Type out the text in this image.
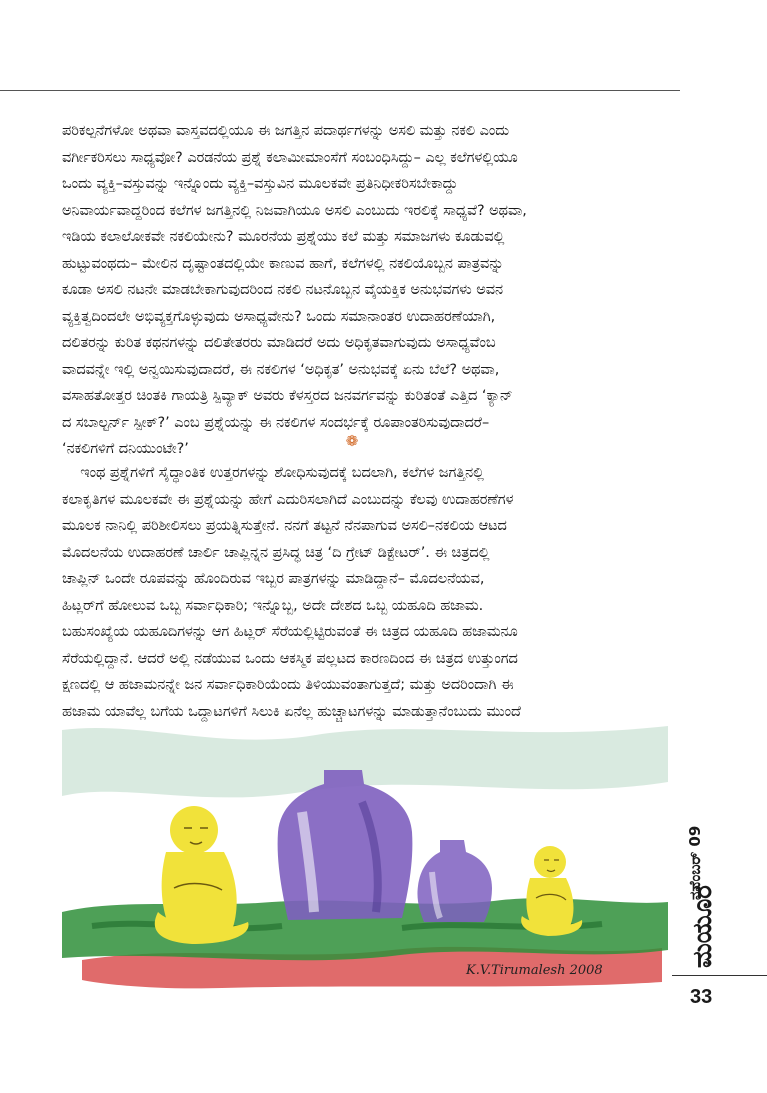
ಪರಿಕಲ್ಪನೆಗಳೋ ಅಥವಾ ವಾಸ್ತವದಲ್ಲಿಯೂ ಈ ಜಗತ್ತಿನ ಪದಾರ್ಥಗಳನ್ನು ಅಸಲಿ ಮತ್ತು ನಕಲಿ ಎಂದು
ವರ್ಗೀಕರಿಸಲು ಸಾಧ್ಯವೋ? ಎರಡನೆಯ ಪ್ರಶ್ನೆ ಕಲಾಮೀಮಾಂಸೆಗೆ ಸಂಬಂಧಿಸಿದ್ದು– ಎಲ್ಲ ಕಲೆಗಳಲ್ಲಿಯೂ
ಒಂದು ವ್ಯಕ್ತಿ–ವಸ್ತುವನ್ನು ಇನ್ನೊಂದು ವ್ಯಕ್ತಿ–ವಸ್ತುವಿನ ಮೂಲಕವೇ ಪ್ರತಿನಿಧೀಕರಿಸಬೇಕಾದ್ದು
ಅನಿವಾರ್ಯವಾದ್ದರಿಂದ ಕಲೆಗಳ ಜಗತ್ತಿನಲ್ಲಿ ನಿಜವಾಗಿಯೂ ಅಸಲಿ ಎಂಬುದು ಇರಲಿಕ್ಕೆ ಸಾಧ್ಯವೆ? ಅಥವಾ,
ಇಡಿಯ ಕಲಾಲೋಕವೇ ನಕಲಿಯೇನು? ಮೂರನೆಯ ಪ್ರಶ್ನೆಯು ಕಲೆ ಮತ್ತು ಸಮಾಜಗಳು ಕೂಡುವಲ್ಲಿ
ಹುಟ್ಟುವಂಥದು– ಮೇಲಿನ ದೃಷ್ಟಾಂತದಲ್ಲಿಯೇ ಕಾಣುವ ಹಾಗೆ, ಕಲೆಗಳಲ್ಲಿ ನಕಲಿಯೊಬ್ಬನ ಪಾತ್ರವನ್ನು
ಕೂಡಾ ಅಸಲಿ ನಟನೇ ಮಾಡಬೇಕಾಗುವುದರಿಂದ ನಕಲಿ ನಟನೊಬ್ಬನ ವೈಯಕ್ತಿಕ ಅನುಭವಗಳು ಅವನ
ವ್ಯಕ್ತಿತ್ವದಿಂದಲೇ ಅಭಿವ್ಯಕ್ತಗೊಳ್ಳುವುದು ಅಸಾಧ್ಯವೇನು? ಒಂದು ಸಮಾನಾಂತರ ಉದಾಹರಣೆಯಾಗಿ,
ದಲಿತರನ್ನು ಕುರಿತ ಕಥನಗಳನ್ನು ದಲಿತೇತರರು ಮಾಡಿದರೆ ಅದು ಅಧಿಕೃತವಾಗುವುದು ಅಸಾಧ್ಯವೆಂಬ
ವಾದವನ್ನೇ ಇಲ್ಲಿ ಅನ್ವಯಿಸುವುದಾದರೆ, ಈ ನಕಲಿಗಳ ‘ಅಧಿಕೃತ’ ಅನುಭವಕ್ಕೆ ಏನು ಬೆಲೆ? ಅಥವಾ,
ವಸಾಹತೋತ್ತರ ಚಿಂತಕಿ ಗಾಯತ್ರಿ ಸ್ಪಿವ್ಯಾಕ್ ಅವರು ಕೆಳಸ್ತರದ ಜನವರ್ಗವನ್ನು ಕುರಿತಂತೆ ಎತ್ತಿದ ‘ಕ್ಯಾನ್
ದ ಸಬಾಲ್ಟರ್ನ್ ಸ್ಪೀಕ್?’ ಎಂಬ ಪ್ರಶ್ನೆಯನ್ನು ಈ ನಕಲಿಗಳ ಸಂದರ್ಭಕ್ಕೆ ರೂಪಾಂತರಿಸುವುದಾದರೆ–
‘ನಕಲಿಗಳಿಗೆ ದನಿಯುಂಟೇ?’	❁
ಇಂಥ ಪ್ರಶ್ನೆಗಳಿಗೆ ಸೈದ್ಧಾಂತಿಕ ಉತ್ತರಗಳನ್ನು ಶೋಧಿಸುವುದಕ್ಕೆ ಬದಲಾಗಿ, ಕಲೆಗಳ ಜಗತ್ತಿನಲ್ಲಿ
ಕಲಾಕೃತಿಗಳ ಮೂಲಕವೇ ಈ ಪ್ರಶ್ನೆಯನ್ನು ಹೇಗೆ ಎದುರಿಸಲಾಗಿದೆ ಎಂಬುದನ್ನು ಕೆಲವು ಉದಾಹರಣೆಗಳ
ಮೂಲಕ ನಾನಿಲ್ಲಿ ಪರಿಶೀಲಿಸಲು ಪ್ರಯತ್ನಿಸುತ್ತೇನೆ. ನನಗೆ ತಟ್ಟನೆ ನೆನಪಾಗುವ ಅಸಲಿ–ನಕಲಿಯ ಆಟದ
ಮೊದಲನೆಯ ಉದಾಹರಣೆ ಚಾರ್ಲಿ ಚಾಪ್ಲಿನ್ನನ ಪ್ರಸಿದ್ಧ ಚಿತ್ರ ‘ದಿ ಗ್ರೇಟ್ ಡಿಕ್ಟೇಟರ್’. ಈ ಚಿತ್ರದಲ್ಲಿ
ಚಾಪ್ಲಿನ್ ಒಂದೇ ರೂಪವನ್ನು ಹೊಂದಿರುವ ಇಬ್ಬರ ಪಾತ್ರಗಳನ್ನು ಮಾಡಿದ್ದಾನೆ– ಮೊದಲನೆಯವ,
ಹಿಟ್ಲರ್‌ಗೆ ಹೋಲುವ ಒಬ್ಬ ಸರ್ವಾಧಿಕಾರಿ; ಇನ್ನೊಬ್ಬ, ಅದೇ ದೇಶದ ಒಬ್ಬ ಯಹೂದಿ ಹಜಾಮ.
ಬಹುಸಂಖ್ಯೆಯ ಯಹೂದಿಗಳನ್ನು ಆಗ ಹಿಟ್ಲರ್ ಸೆರೆಯಲ್ಲಿಟ್ಟಿರುವಂತೆ ಈ ಚಿತ್ರದ ಯಹೂದಿ ಹಜಾಮನೂ
ಸೆರೆಯಲ್ಲಿದ್ದಾನೆ. ಆದರೆ ಅಲ್ಲಿ ನಡೆಯುವ ಒಂದು ಆಕಸ್ಮಿಕ ಪಲ್ಲಟದ ಕಾರಣದಿಂದ ಈ ಚಿತ್ರದ ಉತ್ತುಂಗದ
ಕ್ಷಣದಲ್ಲಿ ಆ ಹಜಾಮನನ್ನೇ ಜನ ಸರ್ವಾಧಿಕಾರಿಯೆಂದು ತಿಳಿಯುವಂತಾಗುತ್ತದೆ; ಮತ್ತು ಅದರಿಂದಾಗಿ ಈ
ಹಜಾಮ ಯಾವೆಲ್ಲ ಬಗೆಯ ಒದ್ದಾಟಗಳಿಗೆ ಸಿಲುಕಿ ಏನೆಲ್ಲ ಹುಚ್ಚಾಟಗಳನ್ನು ಮಾಡುತ್ತಾನೆಂಬುದು ಮುಂದೆ
K.V.Tirumalesh 2008
ನವೆಂಬರ್ 09
ಮಯೂರ
33
